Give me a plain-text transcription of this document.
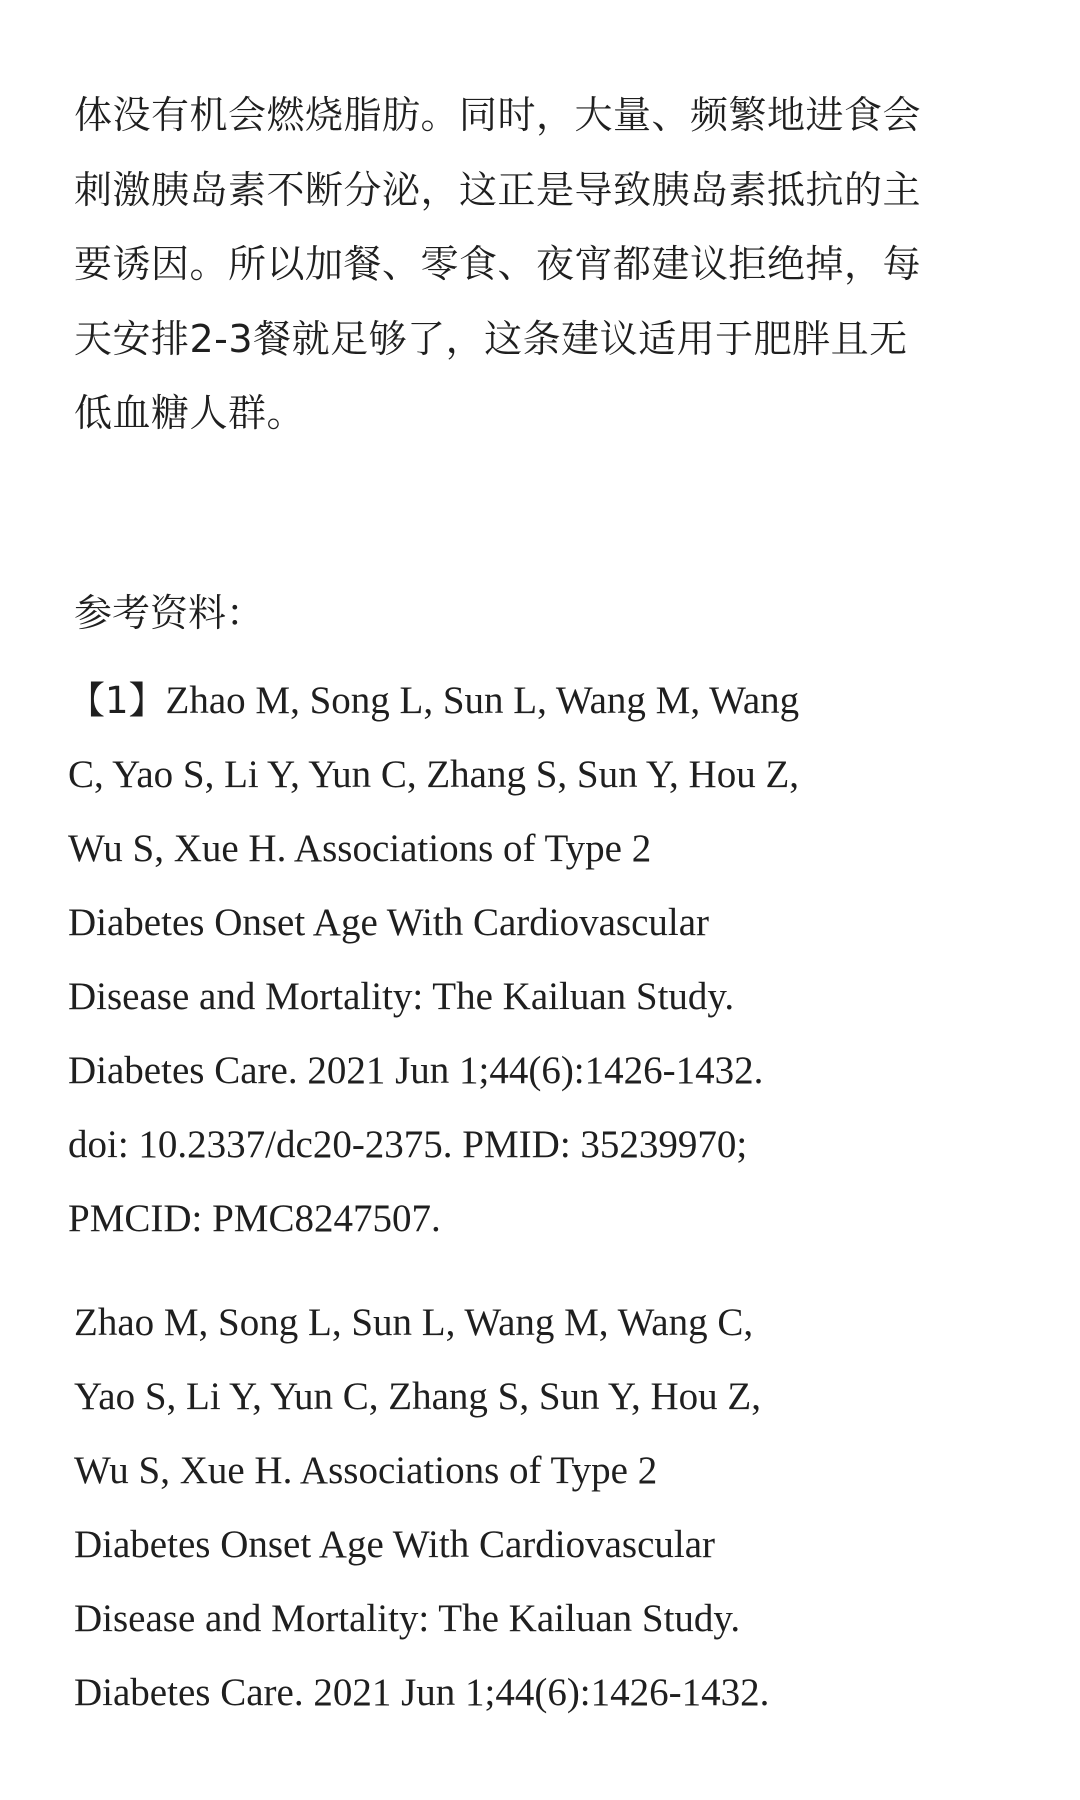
体没有机会燃烧脂肪。同时，大量、频繁地进食会
刺激胰岛素不断分泌，这正是导致胰岛素抵抗的主
要诱因。所以加餐、零食、夜宵都建议拒绝掉，每
天安排2-3餐就足够了，这条建议适用于肥胖且无
低血糖人群。

参考资料：

【1】Zhao M, Song L, Sun L, Wang M, Wang
C, Yao S, Li Y, Yun C, Zhang S, Sun Y, Hou Z,
Wu S, Xue H. Associations of Type 2
Diabetes Onset Age With Cardiovascular
Disease and Mortality: The Kailuan Study.
Diabetes Care. 2021 Jun 1;44(6):1426-1432.
doi: 10.2337/dc20-2375. PMID: 35239970;
PMCID: PMC8247507.

Zhao M, Song L, Sun L, Wang M, Wang C,
Yao S, Li Y, Yun C, Zhang S, Sun Y, Hou Z,
Wu S, Xue H. Associations of Type 2
Diabetes Onset Age With Cardiovascular
Disease and Mortality: The Kailuan Study.
Diabetes Care. 2021 Jun 1;44(6):1426-1432.
